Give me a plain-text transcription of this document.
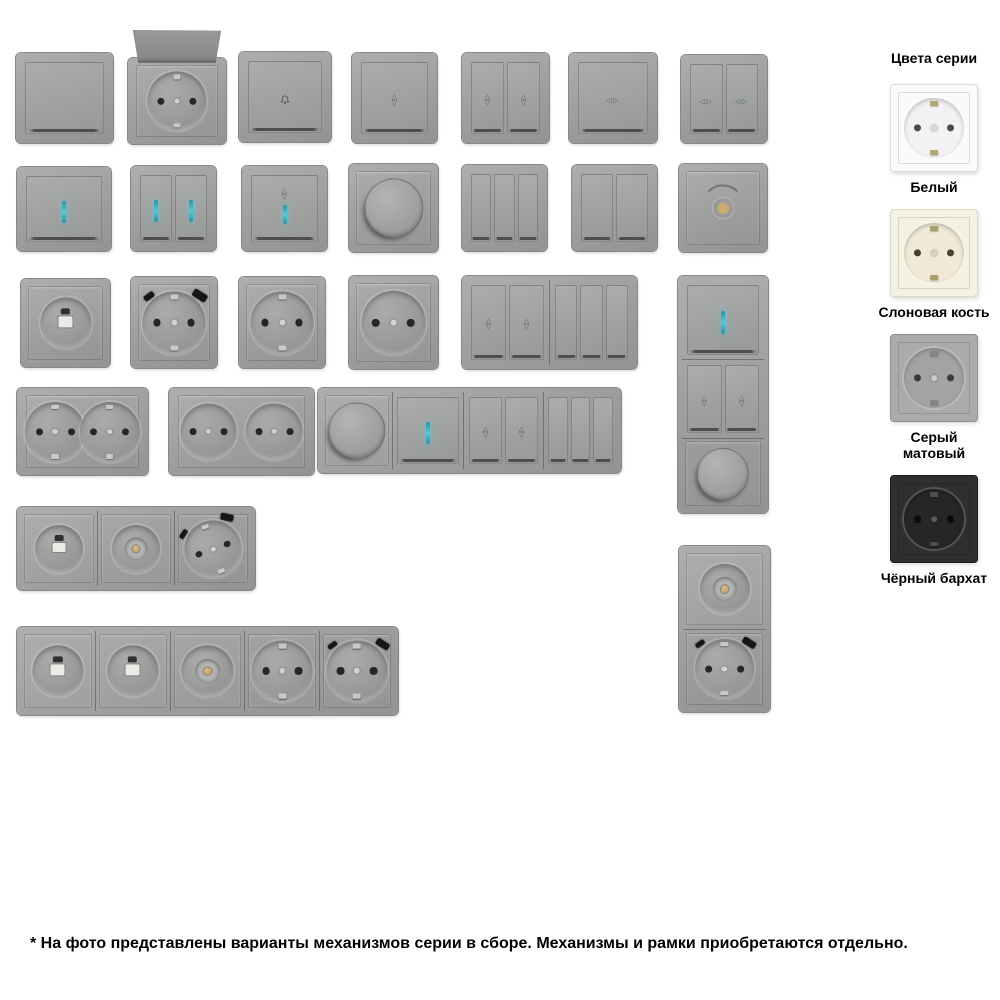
△
▽
△
▽
△
▽	◁▷	◁▷	◁▷
△
▽
△
▽
△
▽
△
▽
△
▽
△
▽
△
▽
Цвета серии
Белый
Слоновая кость
Серый матовый
Чёрный бархат
* На фото представлены варианты механизмов серии в сборе. Механизмы и рамки приобретаются отдельно.
